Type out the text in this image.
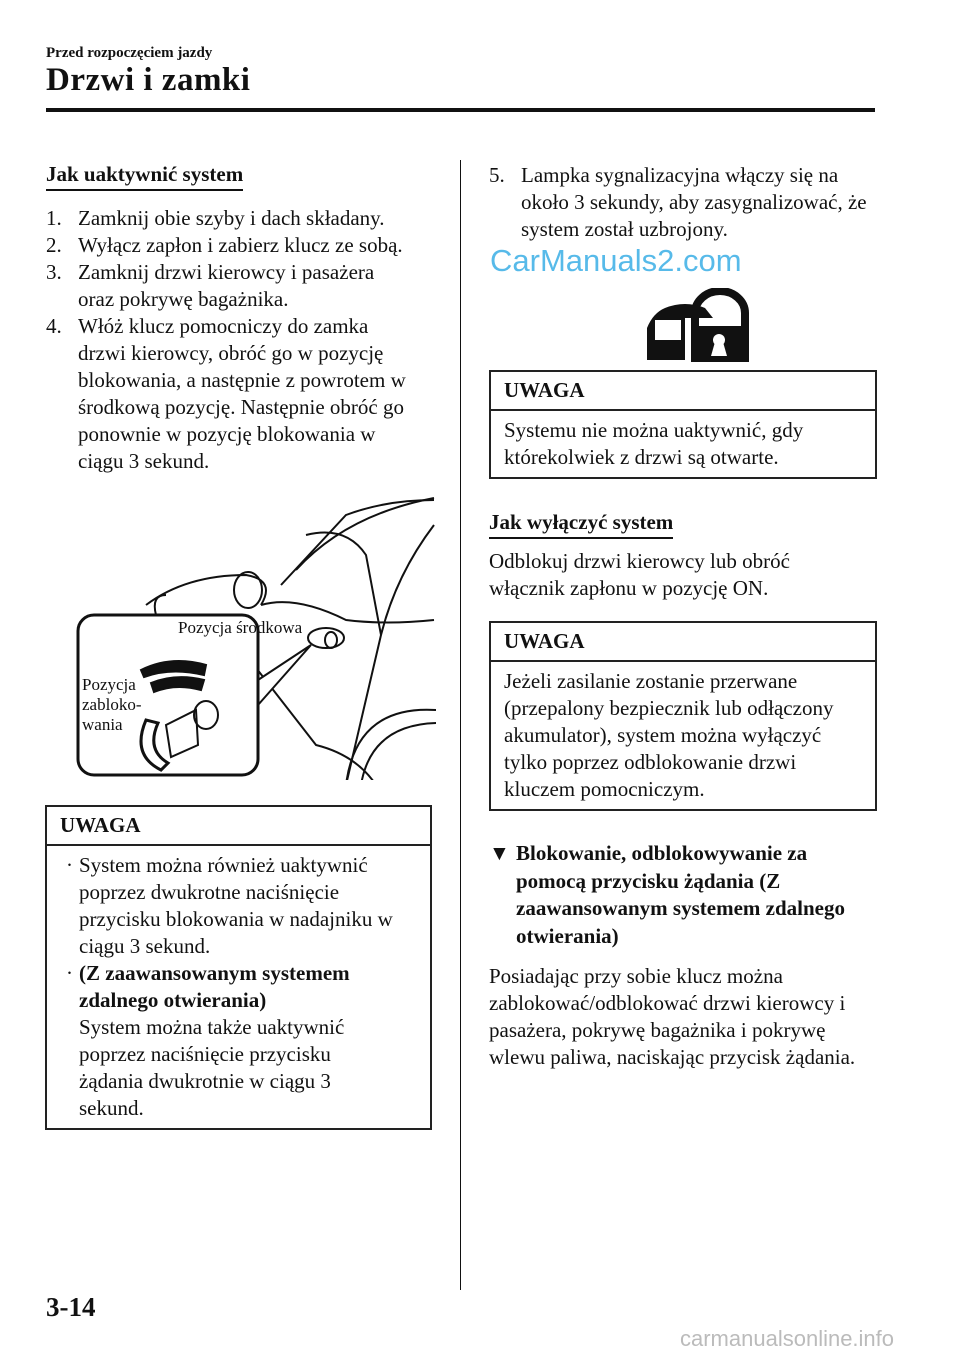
Przed rozpoczęciem jazdy
Drzwi i zamki
Jak uaktywnić system
1. Zamknij obie szyby i dach składany.
2. Wyłącz zapłon i zabierz klucz ze sobą.
3. Zamknij drzwi kierowcy i pasażera oraz pokrywę bagażnika.
4. Włóż klucz pomocniczy do zamka drzwi kierowcy, obróć go w pozycję blokowania, a następnie z powrotem w środkową pozycję. Następnie obróć go ponownie w pozycję blokowania w ciągu 3 sekund.
Pozycja środkowa
Pozycja
zabloko-
wania
UWAGA
· System można również uaktywnić poprzez dwukrotne naciśnięcie przycisku blokowania w nadajniku w ciągu 3 sekund.
· (Z zaawansowanym systemem zdalnego otwierania)
System można także uaktywnić poprzez naciśnięcie przycisku żądania dwukrotnie w ciągu 3 sekund.
5. Lampka sygnalizacyjna włączy się na około 3 sekundy, aby zasygnalizować, że system został uzbrojony.
CarManuals2.com
UWAGA
Systemu nie można uaktywnić, gdy którekolwiek z drzwi są otwarte.
Jak wyłączyć system
Odblokuj drzwi kierowcy lub obróć włącznik zapłonu w pozycję ON.
UWAGA
Jeżeli zasilanie zostanie przerwane (przepalony bezpiecznik lub odłączony akumulator), system można wyłączyć tylko poprzez odblokowanie drzwi kluczem pomocniczym.
▼ Blokowanie, odblokowywanie za pomocą przycisku żądania (Z zaawansowanym systemem zdalnego otwierania)
Posiadając przy sobie klucz można zablokować/odblokować drzwi kierowcy i pasażera, pokrywę bagażnika i pokrywę wlewu paliwa, naciskając przycisk żądania.
3-14
carmanualsonline.info
